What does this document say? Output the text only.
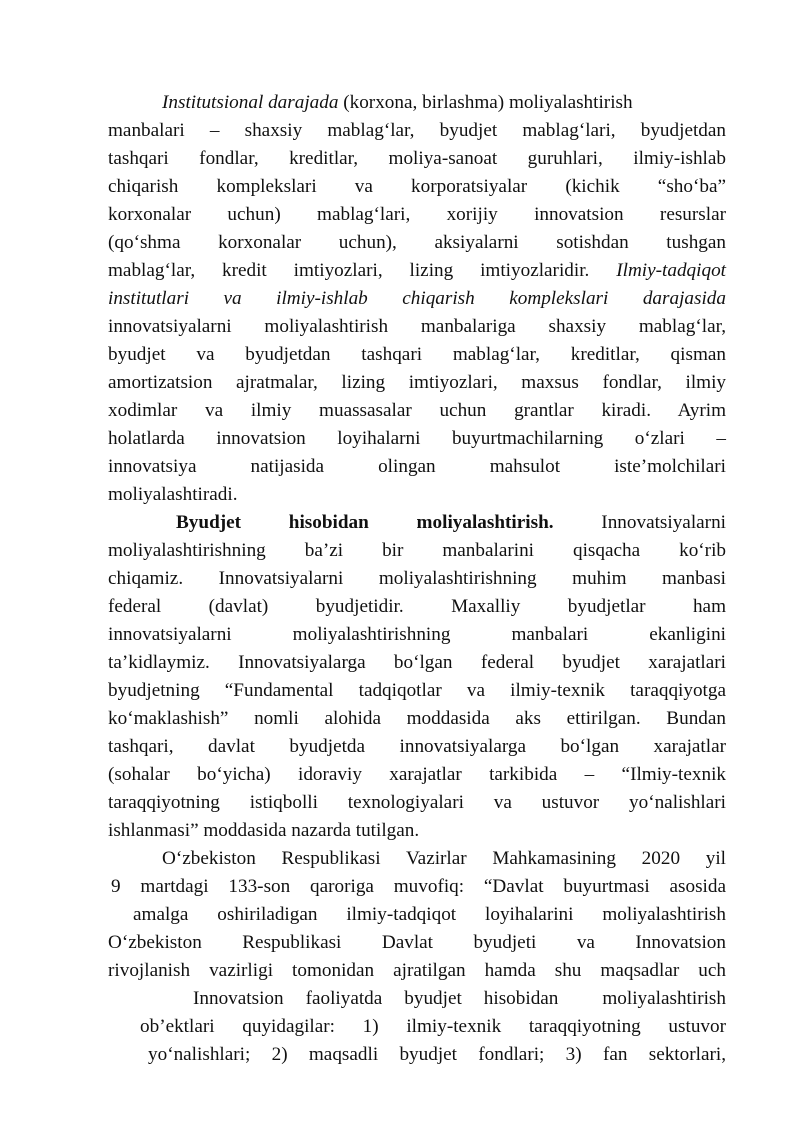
Institutsional darajada (korxona, birlashma) moliyalashtirish
manbalari – shaxsiy mablag‘lar, byudjet mablag‘lari, byudjetdan
tashqari fondlar, kreditlar, moliya-sanoat guruhlari, ilmiy-ishlab
chiqarish komplekslari va korporatsiyalar (kichik “sho‘ba”
korxonalar uchun) mablag‘lari, xorijiy innovatsion resurslar
(qo‘shma korxonalar uchun), aksiyalarni sotishdan tushgan
mablag‘lar, kredit imtiyozlari, lizing imtiyozlaridir. Ilmiy-tadqiqot
institutlari va ilmiy-ishlab chiqarish komplekslari darajasida
innovatsiyalarni moliyalashtirish manbalariga shaxsiy mablag‘lar,
byudjet va byudjetdan tashqari mablag‘lar, kreditlar, qisman
amortizatsion ajratmalar, lizing imtiyozlari, maxsus fondlar, ilmiy
xodimlar va ilmiy muassasalar uchun grantlar kiradi. Ayrim
holatlarda innovatsion loyihalarni buyurtmachilarning o‘zlari –
innovatsiya natijasida olingan mahsulot iste’molchilari
moliyalashtiradi.
Byudjet hisobidan moliyalashtirish. Innovatsiyalarni
moliyalashtirishning ba’zi bir manbalarini qisqacha ko‘rib
chiqamiz. Innovatsiyalarni moliyalashtirishning muhim manbasi
federal (davlat) byudjetidir. Maxalliy byudjetlar ham
innovatsiyalarni moliyalashtirishning manbalari ekanligini
ta’kidlaymiz. Innovatsiyalarga bo‘lgan federal byudjet xarajatlari
byudjetning “Fundamental tadqiqotlar va ilmiy-texnik taraqqiyotga
ko‘maklashish” nomli alohida moddasida aks ettirilgan. Bundan
tashqari, davlat byudjetda innovatsiyalarga bo‘lgan xarajatlar
(sohalar bo‘yicha) idoraviy xarajatlar tarkibida – “Ilmiy-texnik
taraqqiyotning istiqbolli texnologiyalari va ustuvor yo‘nalishlari
ishlanmasi” moddasida nazarda tutilgan.
O‘zbekiston Respublikasi Vazirlar Mahkamasining 2020 yil
9 martdagi 133-son qaroriga muvofiq: “Davlat buyurtmasi asosida
amalga oshiriladigan ilmiy-tadqiqot loyihalarini moliyalashtirish
O‘zbekiston Respublikasi Davlat byudjeti va Innovatsion
rivojlanish vazirligi tomonidan ajratilgan hamda shu maqsadlar uch
Innovatsion faoliyatda byudjet hisobidan  moliyalashtirish
ob’ektlari quyidagilar: 1) ilmiy-texnik taraqqiyotning ustuvor
yo‘nalishlari; 2) maqsadli byudjet fondlari; 3) fan sektorlari,
